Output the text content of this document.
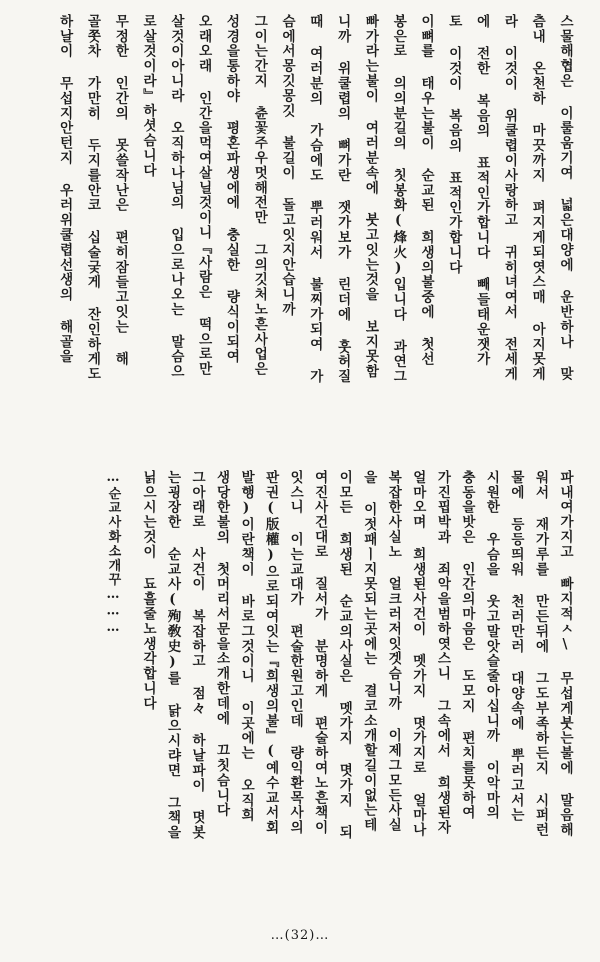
스물해협은 이룰움기여 넓은대양에 운반하나 맞
츰내 온천하 마끗까지 펴지게되엿스매 아지못게
라 이것이 위쿨렵이사랑하고 귀히녀여서 전세게
에 전한 복음의 표적인가합니다 빼들태운잿가
토 이것이 복음의 표적인가합니다
이뼈를 태우는불이 순교된 희생의불중에 첫선
봉은로 의의분길의 칫봉화(烽火)입니다 과연그
빠가라는불이 여러분속에 붓고잇는것을 보지못함
니까 위쿨렵의 뼈가란 잿가보가 린더에 훗허질
때 여러분의 가슴에도 뿌러워서 불찌가되여 가
슴에서몽깃몽깃 불길이 돌고잇지안습니까
그이는간지 츈꽃주우멋해전만 그의깃처노흔사업은
성경을통하야 평혼파생에에 충실한 량식이되여
오래오래 인간을먹여살닐것이니『사람은 떡으로만
살것이아니라 오직하나님의 입으로나오는 말슴으
로살것이라』하셧슴니다
무정한 인간의 못쓸작난은 편히잠들고잇는 해
골쫏차 가만히 두지를안코 십술궂게 잔인하게도
하날이 무섭지안턴지 우러위쿨렵선생의 해골을
파내여가지고 빠지적ㅅ\ 무섭게붓는불에 말음해
워서 재가루를 만든뒤에 그도부족하든지 시퍼런
물에 등등띄워 천러만러 대양속에 뿌러고서는
시원한 우슴을 웃고말앗슬줄아십니까 이악마의
충동을밧은 인간의마음은 도모지 편치를못하여
가진핍박과 죄악을범하엿스니 그속에서 희생된자
얼마오며 희생된사건이 멧가지 몃가지로 얼마나
복잡한사실노 얼크러저잇겟슴니까 이제그모든사실
을 이젓패ㅣ지못되는곳에는 결코소개할길이없는테
이모든 희생된 순교의사실은 멧가지 몃가지 되
여진사건대로 질서가 분명하게 편술하여노흔책이
잇스니 이는교대가 편술한원고인데 량익환목사의
판권(版權)으로되여잇는『희생의불』(예수교서회
발행)이란책이 바로그것이니 이곳에는 오직희
생당한불의 첫머리서문을소개한데에 끄칫슴니다
그아래로 사건이 복잡하고 점々 하날파이 몃봇
는굉장한 순교사(殉敎史)를 닭으시랴면 그책을
닑으시는것이 됴흘줄노생각합니다
…순교사화소개꾸………
…(32)…
